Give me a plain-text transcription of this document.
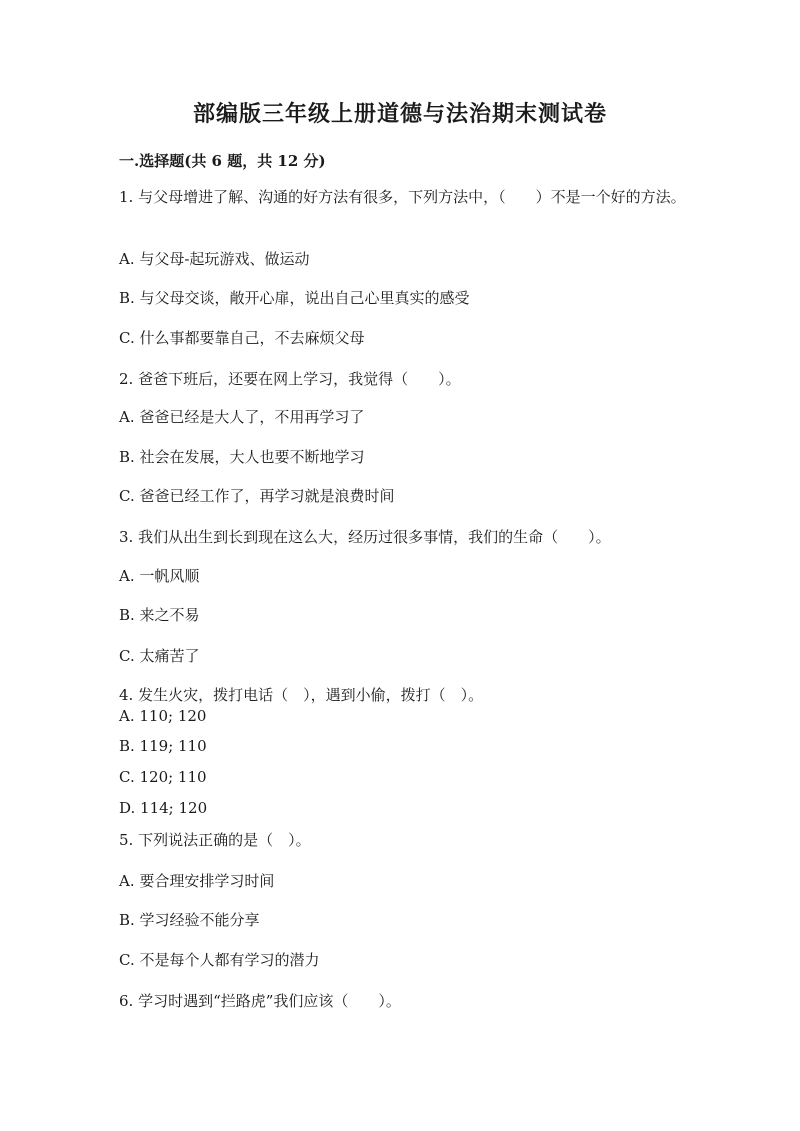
部编版三年级上册道德与法治期末测试卷
一.选择题(共 6 题，共 12 分)
1. 与父母增进了解、沟通的好方法有很多，下列方法中，（　　）不是一个好的方法。
A. 与父母-起玩游戏、做运动
B. 与父母交谈，敞开心扉，说出自己心里真实的感受
C. 什么事都要靠自己，不去麻烦父母
2. 爸爸下班后，还要在网上学习，我觉得（　　）。
A. 爸爸已经是大人了，不用再学习了
B. 社会在发展，大人也要不断地学习
C. 爸爸已经工作了，再学习就是浪费时间
3. 我们从出生到长到现在这么大，经历过很多事情，我们的生命（　　）。
A. 一帆风顺
B. 来之不易
C. 太痛苦了
4. 发生火灾，拨打电话（　），遇到小偷，拨打（　）。
A. 110; 120
B. 119; 110
C. 120; 110
D. 114; 120
5. 下列说法正确的是（　）。
A. 要合理安排学习时间
B. 学习经验不能分享
C. 不是每个人都有学习的潜力
6. 学习时遇到“拦路虎”我们应该（　　）。
